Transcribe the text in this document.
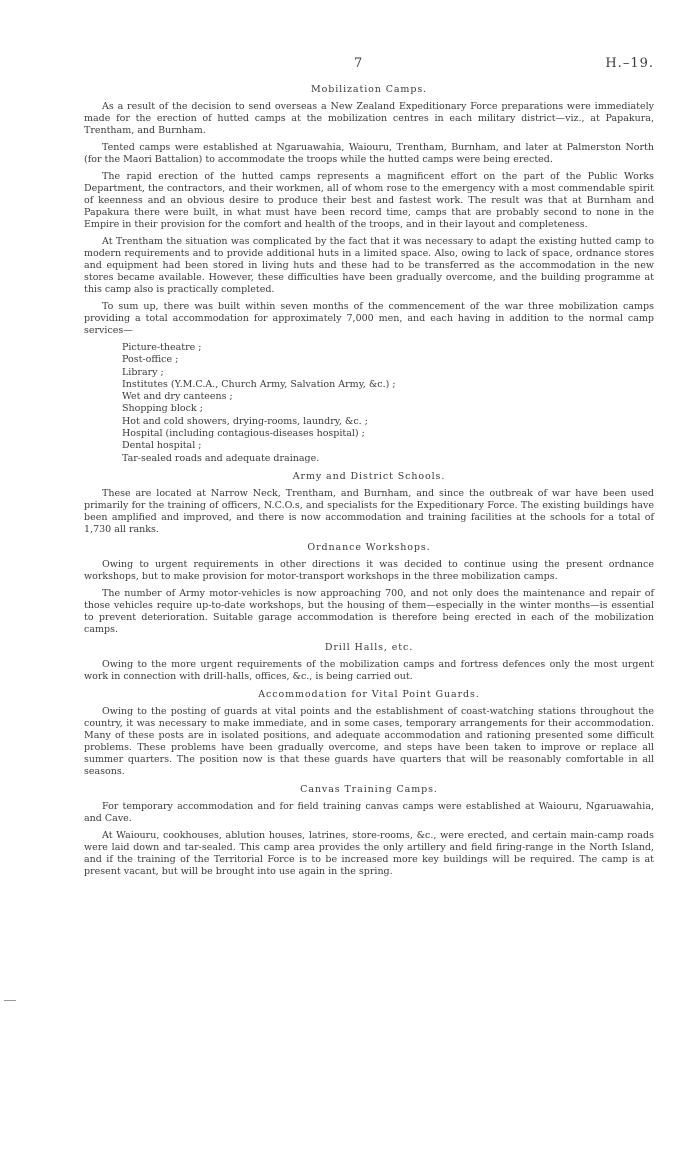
7	H.–19.
Mobilization Camps.

As a result of the decision to send overseas a New Zealand Expeditionary Force preparations were immediately made for the erection of hutted camps at the mobilization centres in each military district—viz., at Papakura, Trentham, and Burnham.

Tented camps were established at Ngaruawahia, Waiouru, Trentham, Burnham, and later at Palmerston North (for the Maori Battalion) to accommodate the troops while the hutted camps were being erected.

The rapid erection of the hutted camps represents a magnificent effort on the part of the Public Works Department, the contractors, and their workmen, all of whom rose to the emergency with a most commendable spirit of keenness and an obvious desire to produce their best and fastest work. The result was that at Burnham and Papakura there were built, in what must have been record time, camps that are probably second to none in the Empire in their provision for the comfort and health of the troops, and in their layout and completeness.

At Trentham the situation was complicated by the fact that it was necessary to adapt the existing hutted camp to modern requirements and to provide additional huts in a limited space. Also, owing to lack of space, ordnance stores and equipment had been stored in living huts and these had to be transferred as the accommodation in the new stores became available. However, these difficulties have been gradually overcome, and the building programme at this camp also is practically completed.

To sum up, there was built within seven months of the commencement of the war three mobilization camps providing a total accommodation for approximately 7,000 men, and each having in addition to the normal camp services—

Picture-theatre ;
Post-office ;
Library ;
Institutes (Y.M.C.A., Church Army, Salvation Army, &c.) ;
Wet and dry canteens ;
Shopping block ;
Hot and cold showers, drying-rooms, laundry, &c. ;
Hospital (including contagious-diseases hospital) ;
Dental hospital ;
Tar-sealed roads and adequate drainage.
Army and District Schools.

These are located at Narrow Neck, Trentham, and Burnham, and since the outbreak of war have been used primarily for the training of officers, N.C.O.s, and specialists for the Expeditionary Force. The existing buildings have been amplified and improved, and there is now accommodation and training facilities at the schools for a total of 1,730 all ranks.

Ordnance Workshops.

Owing to urgent requirements in other directions it was decided to continue using the present ordnance workshops, but to make provision for motor-transport workshops in the three mobilization camps.

The number of Army motor-vehicles is now approaching 700, and not only does the maintenance and repair of those vehicles require up-to-date workshops, but the housing of them—especially in the winter months—is essential to prevent deterioration. Suitable garage accommodation is therefore being erected in each of the mobilization camps.

Drill Halls, etc.

Owing to the more urgent requirements of the mobilization camps and fortress defences only the most urgent work in connection with drill-halls, offices, &c., is being carried out.

Accommodation for Vital Point Guards.

Owing to the posting of guards at vital points and the establishment of coast-watching stations throughout the country, it was necessary to make immediate, and in some cases, temporary arrangements for their accommodation. Many of these posts are in isolated positions, and adequate accommodation and rationing presented some difficult problems. These problems have been gradually overcome, and steps have been taken to improve or replace all summer quarters. The position now is that these guards have quarters that will be reasonably comfortable in all seasons.

Canvas Training Camps.

For temporary accommodation and for field training canvas camps were established at Waiouru, Ngaruawahia, and Cave.

At Waiouru, cookhouses, ablution houses, latrines, store-rooms, &c., were erected, and certain main-camp roads were laid down and tar-sealed. This camp area provides the only artillery and field firing-range in the North Island, and if the training of the Territorial Force is to be increased more key buildings will be required. The camp is at present vacant, but will be brought into use again in the spring.
